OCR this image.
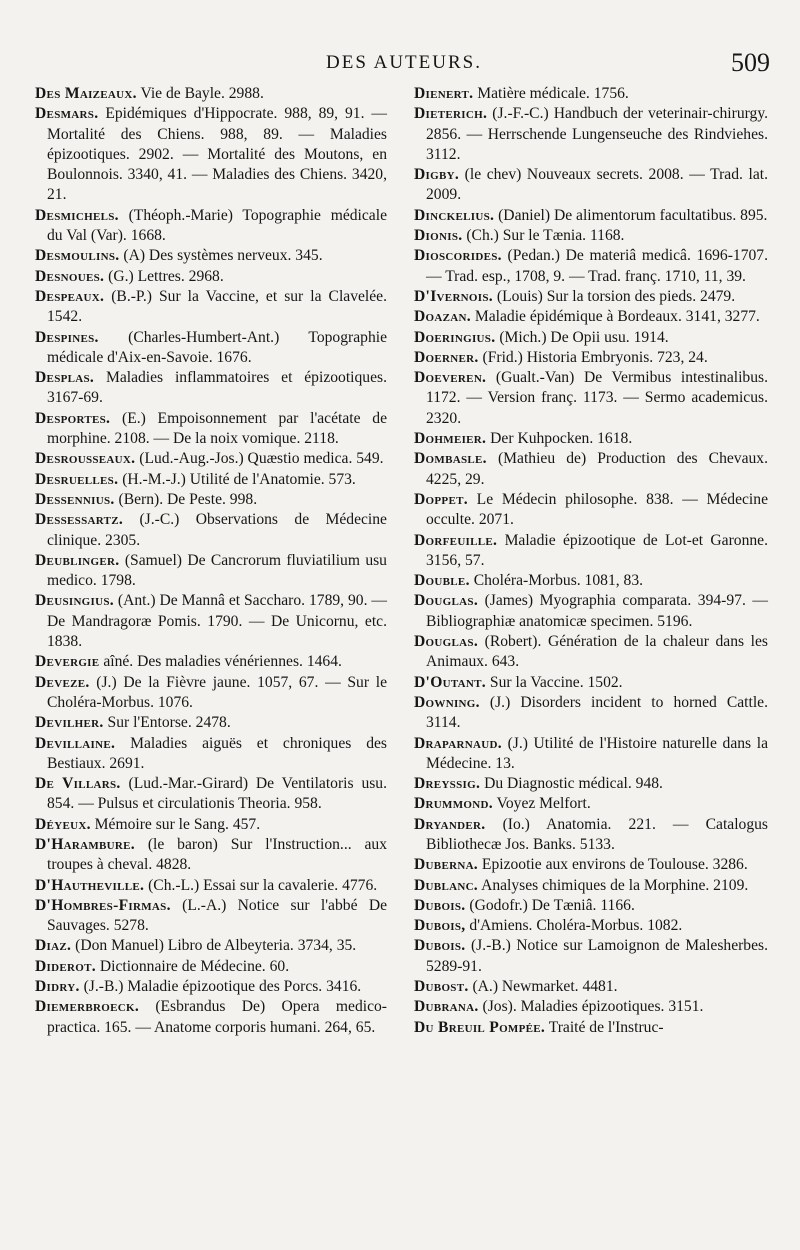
DES AUTEURS.	509

Des Maizeaux. Vie de Bayle. 2988.

Desmars. Epidémiques d'Hippocrate. 988, 89, 91. — Mortalité des Chiens. 988, 89. — Maladies épizootiques. 2902. — Mortalité des Moutons, en Boulonnois. 3340, 41. — Maladies des Chiens. 3420, 21.

Desmichels. (Théoph.-Marie) Topographie médicale du Val (Var). 1668.

Desmoulins. (A) Des systèmes nerveux. 345.

Desnoues. (G.) Lettres. 2968.

Despeaux. (B.-P.) Sur la Vaccine, et sur la Clavelée. 1542.

Despines. (Charles-Humbert-Ant.) Topographie médicale d'Aix-en-Savoie. 1676.

Desplas. Maladies inflammatoires et épizootiques. 3167-69.

Desportes. (E.) Empoisonnement par l'acétate de morphine. 2108. — De la noix vomique. 2118.

Desrousseaux. (Lud.-Aug.-Jos.) Quæstio medica. 549.

Desruelles. (H.-M.-J.) Utilité de l'Anatomie. 573.

Dessennius. (Bern). De Peste. 998.

Dessessartz. (J.-C.) Observations de Médecine clinique. 2305.

Deublinger. (Samuel) De Cancrorum fluviatilium usu medico. 1798.

Deusingius. (Ant.) De Mannâ et Saccharo. 1789, 90. — De Mandragoræ Pomis. 1790. — De Unicornu, etc. 1838.

Devergie aîné. Des maladies vénériennes. 1464.

Deveze. (J.) De la Fièvre jaune. 1057, 67. — Sur le Choléra-Morbus. 1076.

Devilher. Sur l'Entorse. 2478.

Devillaine. Maladies aiguës et chroniques des Bestiaux. 2691.

De Villars. (Lud.-Mar.-Girard) De Ventilatoris usu. 854. — Pulsus et circulationis Theoria. 958.

Déyeux. Mémoire sur le Sang. 457.

D'Harambure. (le baron) Sur l'Instruction... aux troupes à cheval. 4828.

D'Hautheville. (Ch.-L.) Essai sur la cavalerie. 4776.

D'Hombres-Firmas. (L.-A.) Notice sur l'abbé De Sauvages. 5278.

Diaz. (Don Manuel) Libro de Albeyteria. 3734, 35.

Diderot. Dictionnaire de Médecine. 60.

Didry. (J.-B.) Maladie épizootique des Porcs. 3416.

Diemerbroeck. (Esbrandus De) Opera medico-practica. 165. — Anatome corporis humani. 264, 65.

Dienert. Matière médicale. 1756.

Dieterich. (J.-F.-C.) Handbuch der veterinair-chirurgy. 2856. — Herrschende Lungenseuche des Rindviehes. 3112.

Digby. (le chev) Nouveaux secrets. 2008. — Trad. lat. 2009.

Dinckelius. (Daniel) De alimentorum facultatibus. 895.

Dionis. (Ch.) Sur le Tænia. 1168.

Dioscorides. (Pedan.) De materiâ medicâ. 1696-1707. — Trad. esp., 1708, 9. — Trad. franç. 1710, 11, 39.

D'Ivernois. (Louis) Sur la torsion des pieds. 2479.

Doazan. Maladie épidémique à Bordeaux. 3141, 3277.

Doeringius. (Mich.) De Opii usu. 1914.

Doerner. (Frid.) Historia Embryonis. 723, 24.

Doeveren. (Gualt.-Van) De Vermibus intestinalibus. 1172. — Version franç. 1173. — Sermo academicus. 2320.

Dohmeier. Der Kuhpocken. 1618.

Dombasle. (Mathieu de) Production des Chevaux. 4225, 29.

Doppet. Le Médecin philosophe. 838. — Médecine occulte. 2071.

Dorfeuille. Maladie épizootique de Lot-et Garonne. 3156, 57.

Double. Choléra-Morbus. 1081, 83.

Douglas. (James) Myographia comparata. 394-97. — Bibliographiæ anatomicæ specimen. 5196.

Douglas. (Robert). Génération de la chaleur dans les Animaux. 643.

D'Outant. Sur la Vaccine. 1502.

Downing. (J.) Disorders incident to horned Cattle. 3114.

Draparnaud. (J.) Utilité de l'Histoire naturelle dans la Médecine. 13.

Dreyssig. Du Diagnostic médical. 948.

Drummond. Voyez Melfort.

Dryander. (Io.) Anatomia. 221. — Catalogus Bibliothecæ Jos. Banks. 5133.

Duberna. Epizootie aux environs de Toulouse. 3286.

Dublanc. Analyses chimiques de la Morphine. 2109.

Dubois. (Godofr.) De Tæniâ. 1166.

Dubois, d'Amiens. Choléra-Morbus. 1082.

Dubois. (J.-B.) Notice sur Lamoignon de Malesherbes. 5289-91.

Dubost. (A.) Newmarket. 4481.

Dubrana. (Jos). Maladies épizootiques. 3151.

Du Breuil Pompée. Traité de l'Instruc-
